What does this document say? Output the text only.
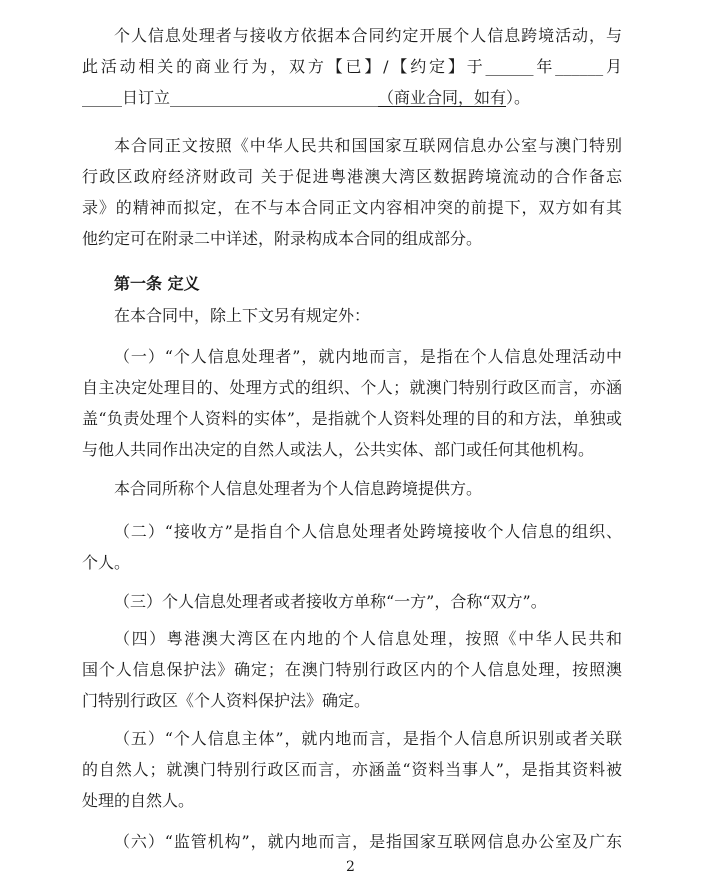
个人信息处理者与接收方依据本合同约定开展个人信息跨境活动，与
此活动相关的商业行为，双方【已】/【约定】于______年______月
_____日订立__________________________（商业合同，如有）。
本合同正文按照《中华人民共和国国家互联网信息办公室与澳门特别
行政区政府经济财政司 关于促进粤港澳大湾区数据跨境流动的合作备忘
录》的精神而拟定，在不与本合同正文内容相冲突的前提下，双方如有其
他约定可在附录二中详述，附录构成本合同的组成部分。
第一条 定义
在本合同中，除上下文另有规定外：
（一）“个人信息处理者”，就内地而言，是指在个人信息处理活动中
自主决定处理目的、处理方式的组织、个人；就澳门特别行政区而言，亦涵
盖“负责处理个人资料的实体”，是指就个人资料处理的目的和方法，单独或
与他人共同作出决定的自然人或法人，公共实体、部门或任何其他机构。
本合同所称个人信息处理者为个人信息跨境提供方。
（二）“接收方”是指自个人信息处理者处跨境接收个人信息的组织、
个人。
（三）个人信息处理者或者接收方单称“一方”，合称“双方”。
（四）粤港澳大湾区在内地的个人信息处理，按照《中华人民共和
国个人信息保护法》确定；在澳门特别行政区内的个人信息处理，按照澳
门特别行政区《个人资料保护法》确定。
（五）“个人信息主体”，就内地而言，是指个人信息所识别或者关联
的自然人；就澳门特别行政区而言，亦涵盖“资料当事人”，是指其资料被
处理的自然人。
（六）“监管机构”，就内地而言，是指国家互联网信息办公室及广东
2
